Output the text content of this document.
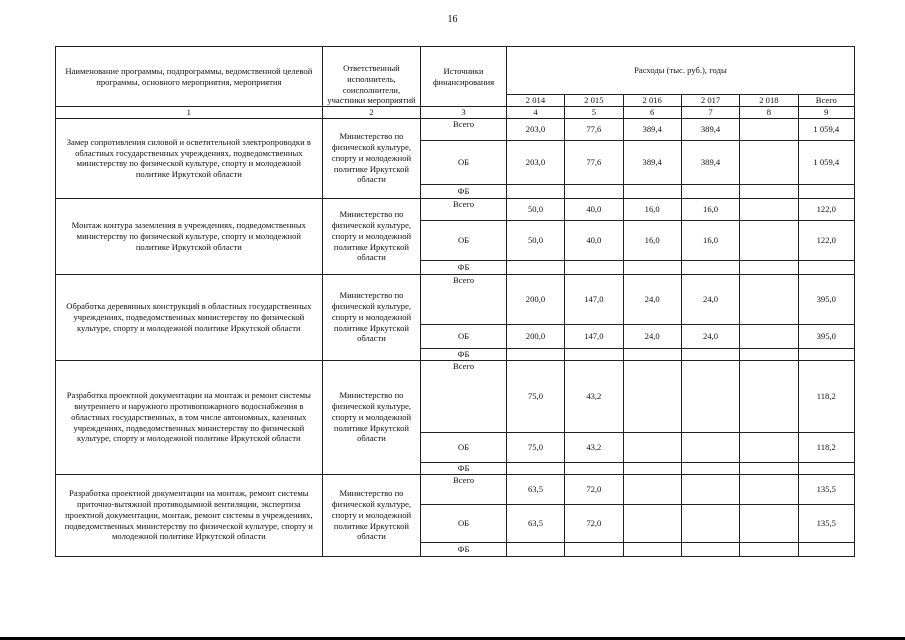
16
Наименование программы, подпрограммы, ведомственной целевой программы, основного мероприятия, мероприятия	Ответственный исполнитель, соисполнители, участники мероприятий	Источники финансирования	Расходы (тыс. руб.), годы					
			2 014	2 015	2 016	2 017	2 018	Всего
1	2	3	4	5	6	7	8	9
Замер сопротивления силовой и осветительной электропроводки в областных государственных учреждениях, подведомственных министерству по физической культуре, спорту и молодежной политике Иркутской области	Министерство по физической культуре, спорту и молодежной политике Иркутской области	Всего	203,0	77,6	389,4	389,4		1 059,4
		ОБ	203,0	77,6	389,4	389,4		1 059,4
		ФБ						
Монтаж контура заземления в учреждениях, подведомственных министерству по физической культуре, спорту и молодежной политике Иркутской области	Министерство по физической культуре, спорту и молодежной политике Иркутской области	Всего	50,0	40,0	16,0	16,0		122,0
		ОБ	50,0	40,0	16,0	16,0		122,0
		ФБ						
Обработка деревянных конструкций в областных государственных учреждениях, подведомственных министерству по физической культуре, спорту и молодежной политике Иркутской области	Министерство по физической культуре, спорту и молодежной политике Иркутской области	Всего	200,0	147,0	24,0	24,0		395,0
		ОБ	200,0	147,0	24,0	24,0		395,0
		ФБ						
Разработка проектной документации на монтаж и ремонт системы внутреннего и наружного противопожарного водоснабжения в областных государственных, в том числе автономных, казенных учреждениях, подведомственных министерству по физической культуре, спорту и молодежной политике Иркутской области	Министерство по физической культуре, спорту и молодежной политике Иркутской области	Всего	75,0	43,2				118,2
		ОБ	75,0	43,2				118,2
		ФБ						
Разработка проектной документации на монтаж, ремонт системы приточно-вытяжной противодымной вентиляции, экспертиза проектной документации, монтаж, ремонт системы в учреждениях, подведомственных министерству по физической культуре, спорту и молодежной политике Иркутской области	Министерство по физической культуре, спорту и молодежной политике Иркутской области	Всего	63,5	72,0				135,5
		ОБ	63,5	72,0				135,5
		ФБ						
